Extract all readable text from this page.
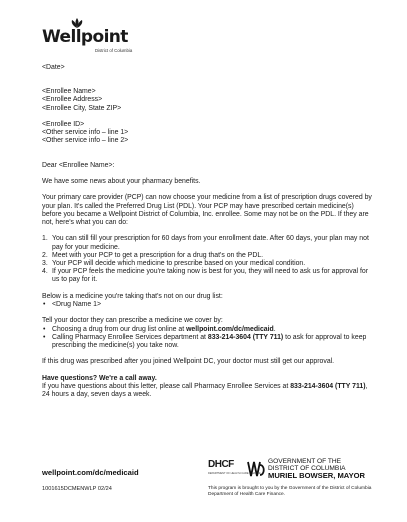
Wellpoint
District of Columbia

<Date>

<Enrollee Name>

<Enrollee Address>

<Enrollee City, State ZIP>

<Enrollee ID>

<Other service info – line 1>

<Other service info – line 2>

Dear <Enrollee Name>:

We have some news about your pharmacy benefits.

Your primary care provider (PCP) can now choose your medicine from a list of prescription drugs covered by your plan. It's called the Preferred Drug List (PDL). Your PCP may have prescribed certain medicine(s) before you became a Wellpoint District of Columbia, Inc. enrollee. Some may not be on the PDL. If they are not, here's what you can do:

1. You can still fill your prescription for 60 days from your enrollment date. After 60 days, your plan may not pay for your medicine.
2. Meet with your PCP to get a prescription for a drug that's on the PDL.
3. Your PCP will decide which medicine to prescribe based on your medical condition.
4. If your PCP feels the medicine you're taking now is best for you, they will need to ask us for approval for us to pay for it.

Below is a medicine you're taking that's not on our drug list:

• <Drug Name 1>

Tell your doctor they can prescribe a medicine we cover by:

• Choosing a drug from our drug list online at wellpoint.com/dc/medicaid.
• Calling Pharmacy Enrollee Services department at 833-214-3604 (TTY 711) to ask for approval to keep prescribing the medicine(s) you take now.

If this drug was prescribed after you joined Wellpoint DC, your doctor must still get our approval.

Have questions? We're a call away.

If you have questions about this letter, please call Pharmacy Enrollee Services at 833-214-3604 (TTY 711), 24 hours a day, seven days a week.

wellpoint.com/dc/medicaid
1001615DCMENWLP 02/24
DHCF
DEPARTMENT OF HEALTH CARE FINANCE
GOVERNMENT OF THE
DISTRICT OF COLUMBIA
MURIEL BOWSER, MAYOR
This program is brought to you by the Government of the District of Columbia Department of Health Care Finance.
